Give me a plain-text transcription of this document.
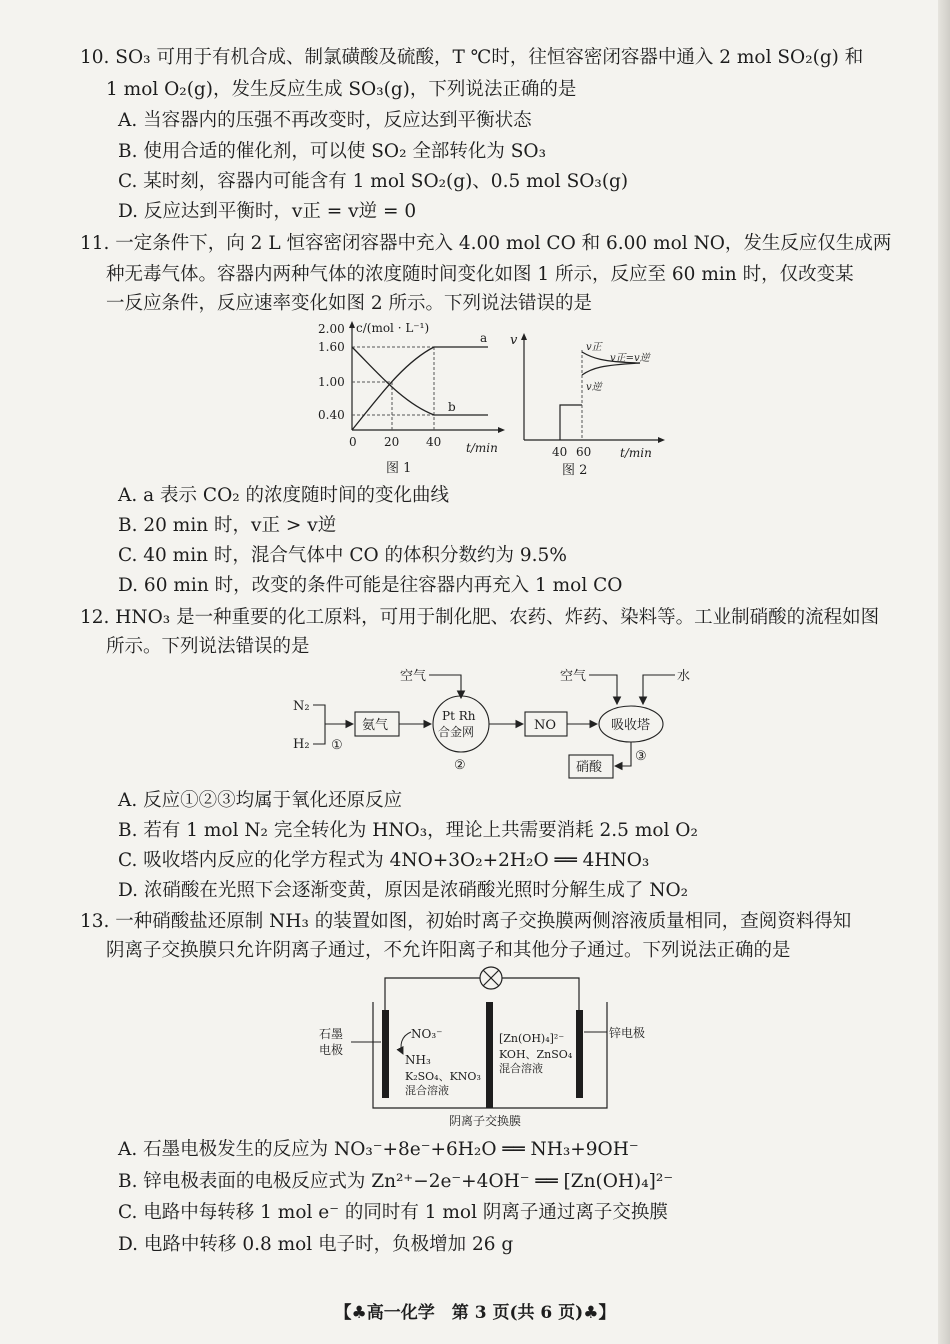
10. SO₃ 可用于有机合成、制氯磺酸及硫酸，T ℃时，往恒容密闭容器中通入 2 mol SO₂(g) 和
1 mol O₂(g)，发生反应生成 SO₃(g)，下列说法正确的是
A. 当容器内的压强不再改变时，反应达到平衡状态
B. 使用合适的催化剂，可以使 SO₂ 全部转化为 SO₃
C. 某时刻，容器内可能含有 1 mol SO₂(g)、0.5 mol SO₃(g)
D. 反应达到平衡时，v正 = v逆 = 0
11. 一定条件下，向 2 L 恒容密闭容器中充入 4.00 mol CO 和 6.00 mol NO，发生反应仅生成两
种无毒气体。容器内两种气体的浓度随时间变化如图 1 所示，反应至 60 min 时，仅改变某
一反应条件，反应速率变化如图 2 所示。下列说法错误的是
c/(mol · L⁻¹)
2.00
1.60
1.00
0.40
0 20 40 t/min
a
b
图 1
v	v正
v正=v逆
v逆
40 60 t/min
图 2
A. a 表示 CO₂ 的浓度随时间的变化曲线
B. 20 min 时，v正 > v逆
C. 40 min 时，混合气体中 CO 的体积分数约为 9.5%
D. 60 min 时，改变的条件可能是往容器内再充入 1 mol CO
12. HNO₃ 是一种重要的化工原料，可用于制化肥、农药、炸药、染料等。工业制硝酸的流程如图
所示。下列说法错误的是
N₂
H₂ ①
氨气
空气
Pt Rh
合金网
②
NO
空气	水
吸收塔
③
硝酸
A. 反应①②③均属于氧化还原反应
B. 若有 1 mol N₂ 完全转化为 HNO₃，理论上共需要消耗 2.5 mol O₂
C. 吸收塔内反应的化学方程式为 4NO+3O₂+2H₂O ══ 4HNO₃
D. 浓硝酸在光照下会逐渐变黄，原因是浓硝酸光照时分解生成了 NO₂
13. 一种硝酸盐还原制 NH₃ 的装置如图，初始时离子交换膜两侧溶液质量相同，查阅资料得知
阴离子交换膜只允许阴离子通过，不允许阳离子和其他分子通过。下列说法正确的是
石墨
电极
NO₃⁻
NH₃
K₂SO₄、KNO₃
混合溶液
[Zn(OH)₄]²⁻
KOH、ZnSO₄
混合溶液
锌电极
阴离子交换膜
A. 石墨电极发生的反应为 NO₃⁻+8e⁻+6H₂O ══ NH₃+9OH⁻
B. 锌电极表面的电极反应式为 Zn²⁺−2e⁻+4OH⁻ ══ [Zn(OH)₄]²⁻
C. 电路中每转移 1 mol e⁻ 的同时有 1 mol 阴离子通过离子交换膜
D. 电路中转移 0.8 mol 电子时，负极增加 26 g
【♣高一化学　第 3 页(共 6 页)♣】
